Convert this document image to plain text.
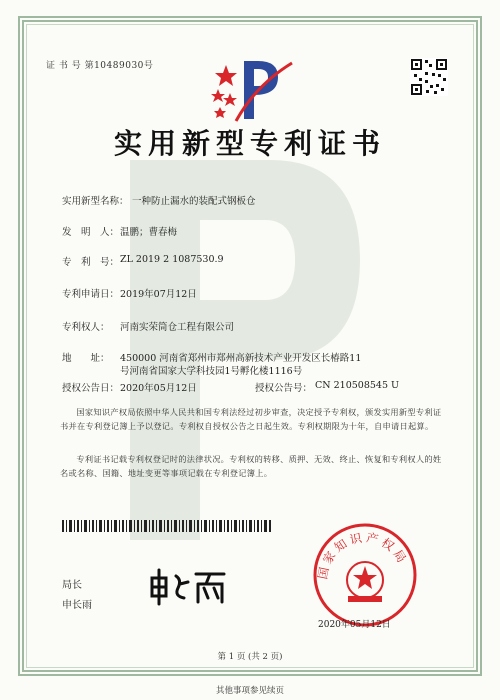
证 书 号 第10489030号
实用新型专利证书
实用新型名称： 一种防止漏水的装配式钢板仓
发　明　人： 温鹏；曹春梅
专　利　号： ZL 2019 2 1087530.9
专利申请日： 2019年07月12日
专利权人： 河南实荣筒仓工程有限公司
地　　址： 450000 河南省郑州市郑州高新技术产业开发区长椿路11
号河南省国家大学科技园1号孵化楼1116号
授权公告日： 2020年05月12日	授权公告号： CN 210508545 U
国家知识产权局依照中华人民共和国专利法经过初步审查，决定授予专利权，颁发实用新型专利证书并在专利登记簿上予以登记。专利权自授权公告之日起生效。专利权期限为十年，自申请日起算。
专利证书记载专利权登记时的法律状况。专利权的转移、质押、无效、终止、恢复和专利权人的姓名或名称、国籍、地址变更等事项记载在专利登记簿上。
局长
申长雨
国家知识产权局
2020年05月12日
第 1 页 (共 2 页)
其他事项参见续页
